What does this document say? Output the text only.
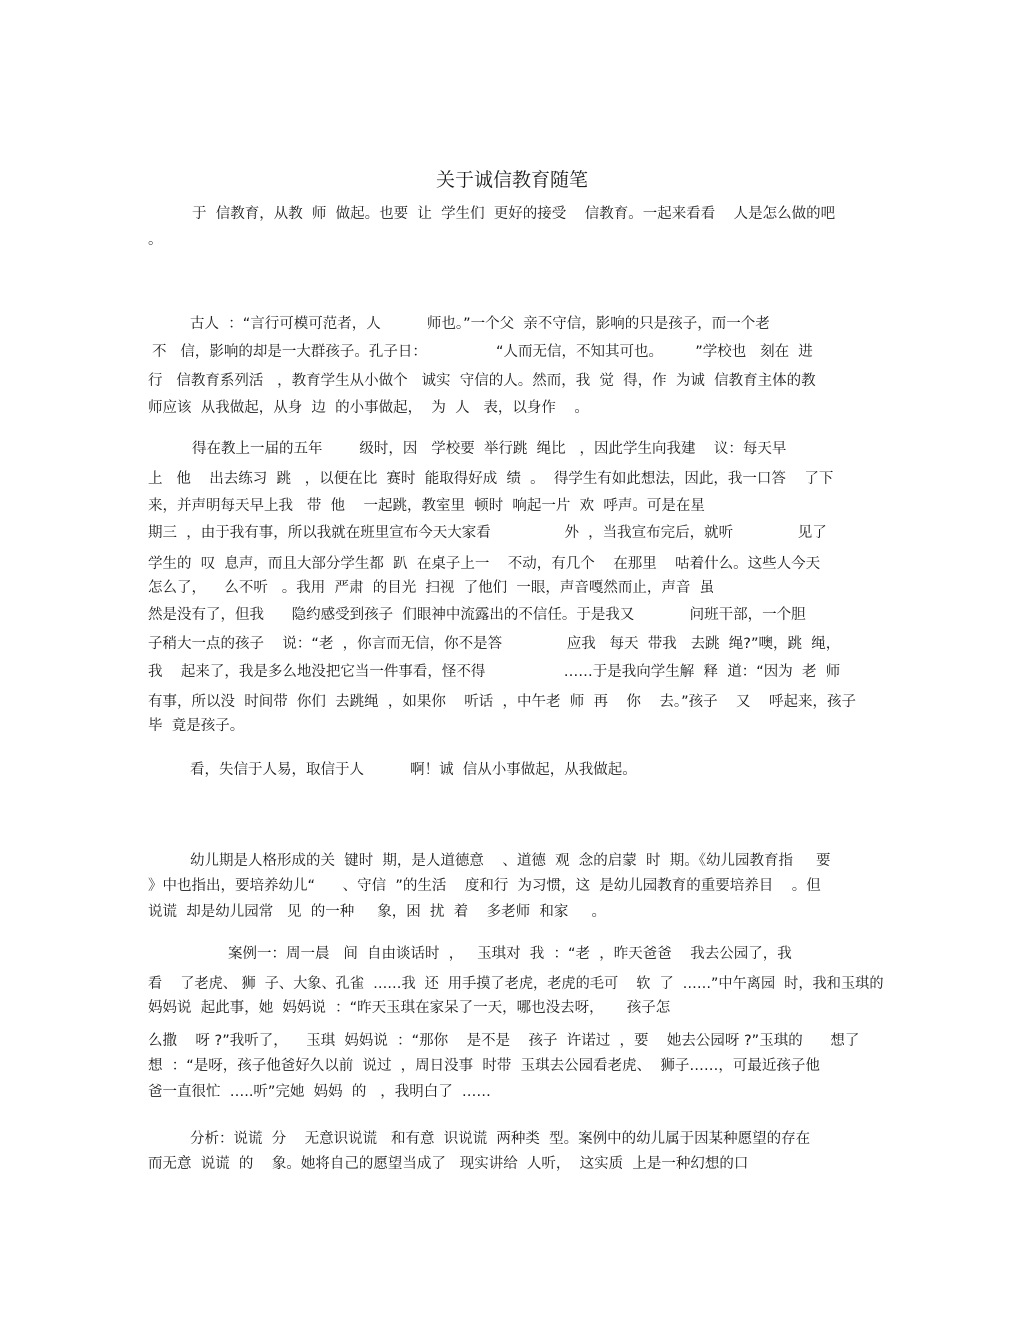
关于诚信教育随笔
于  信教育，从教  师  做起。也要  让  学生们  更好的接受    信教育。一起来看看    人是怎么做的吧
。
古人  ：“言行可模可范者，人          师也。”一个父  亲不守信，影响的只是孩子，而一个老
不   信，影响的却是一大群孩子。孔子日：               “人而无信，不知其可也。       ”学校也   刻在  进
行   信教育系列活   ，教育学生从小做个   诚实  守信的人。然而，我  觉  得，作  为诚  信教育主体的教
师应该  从我做起，从身  边  的小事做起，  为  人   表，以身作    。
得在教上一届的五年        级时，因   学校要  举行跳  绳比   ，因此学生向我建    议：每天早
上   他    出去练习  跳   ，以便在比  赛时  能取得好成  绩  。  得学生有如此想法，因此，我一口答    了下
来，并声明每天早上我   带  他    一起跳，教室里  顿时  响起一片  欢  呼声。可是在星
期三  ，由于我有事，所以我就在班里宣布今天大家看                外  ，当我宣布完后，就听              见了
学生的  叹  息声，而且大部分学生都  趴  在桌子上一    不动，有几个    在那里    咕着什么。这些人今天
怎么了，    么不听   。我用  严肃  的目光  扫视  了他们  一眼，声音嘎然而止，声音  虽
然是没有了，但我      隐约感受到孩子  们眼神中流露出的不信任。于是我又            问班干部，一个胆
子稍大一点的孩子    说：“老  ，你言而无信，你不是答              应我   每天  带我   去跳  绳?”噢，跳  绳，
我    起来了，我是多么地没把它当一件事看，怪不得                 ……于是我向学生解  释  道：“因为  老  师
有事，所以没  时间带  你们  去跳绳  ，如果你    听话  ，中午老  师  再    你    去。”孩子    又    呼起来，孩子
毕  竟是孩子。
看，失信于人易，取信于人          啊！诚  信从小事做起，从我做起。
幼儿期是人格形成的关  键时  期，是人道德意    、道德  观  念的启蒙  时  期。《幼儿园教育指     要
》中也指出，要培养幼儿“      、守信  ”的生活    度和行  为习惯，这  是幼儿园教育的重要培养目    。但
说谎  却是幼儿园常   见  的一种     象，困  扰  着    多老师  和家     。
案例一：周一晨   间  自由谈话时  ，   玉琪对  我  ：“老  ，昨天爸爸    我去公园了，我
看    了老虎、 狮  子、大象、孔雀  ……我  还  用手摸了老虎，老虎的毛可    软  了  ……”中午离园  时，我和玉琪的
妈妈说  起此事，她  妈妈说  ：“昨天玉琪在家呆了一天，哪也没去呀，     孩子怎
么撒    呀 ?”我听了，    玉琪  妈妈说  ：“那你    是不是    孩子  许诺过  ，要    她去公园呀 ?”玉琪的      想了
想  ：“是呀，孩子他爸好久以前  说过  ，周日没事  时带  玉琪去公园看老虎、  狮子……，可最近孩子他
爸一直很忙  …..听”完她  妈妈  的   ，我明白了  ……
分析：说谎  分    无意识说谎   和有意  识说谎  两种类  型。案例中的幼儿属于因某种愿望的存在
而无意  说谎  的    象。她将自己的愿望当成了   现实讲给  人听，  这实质  上是一种幻想的口
